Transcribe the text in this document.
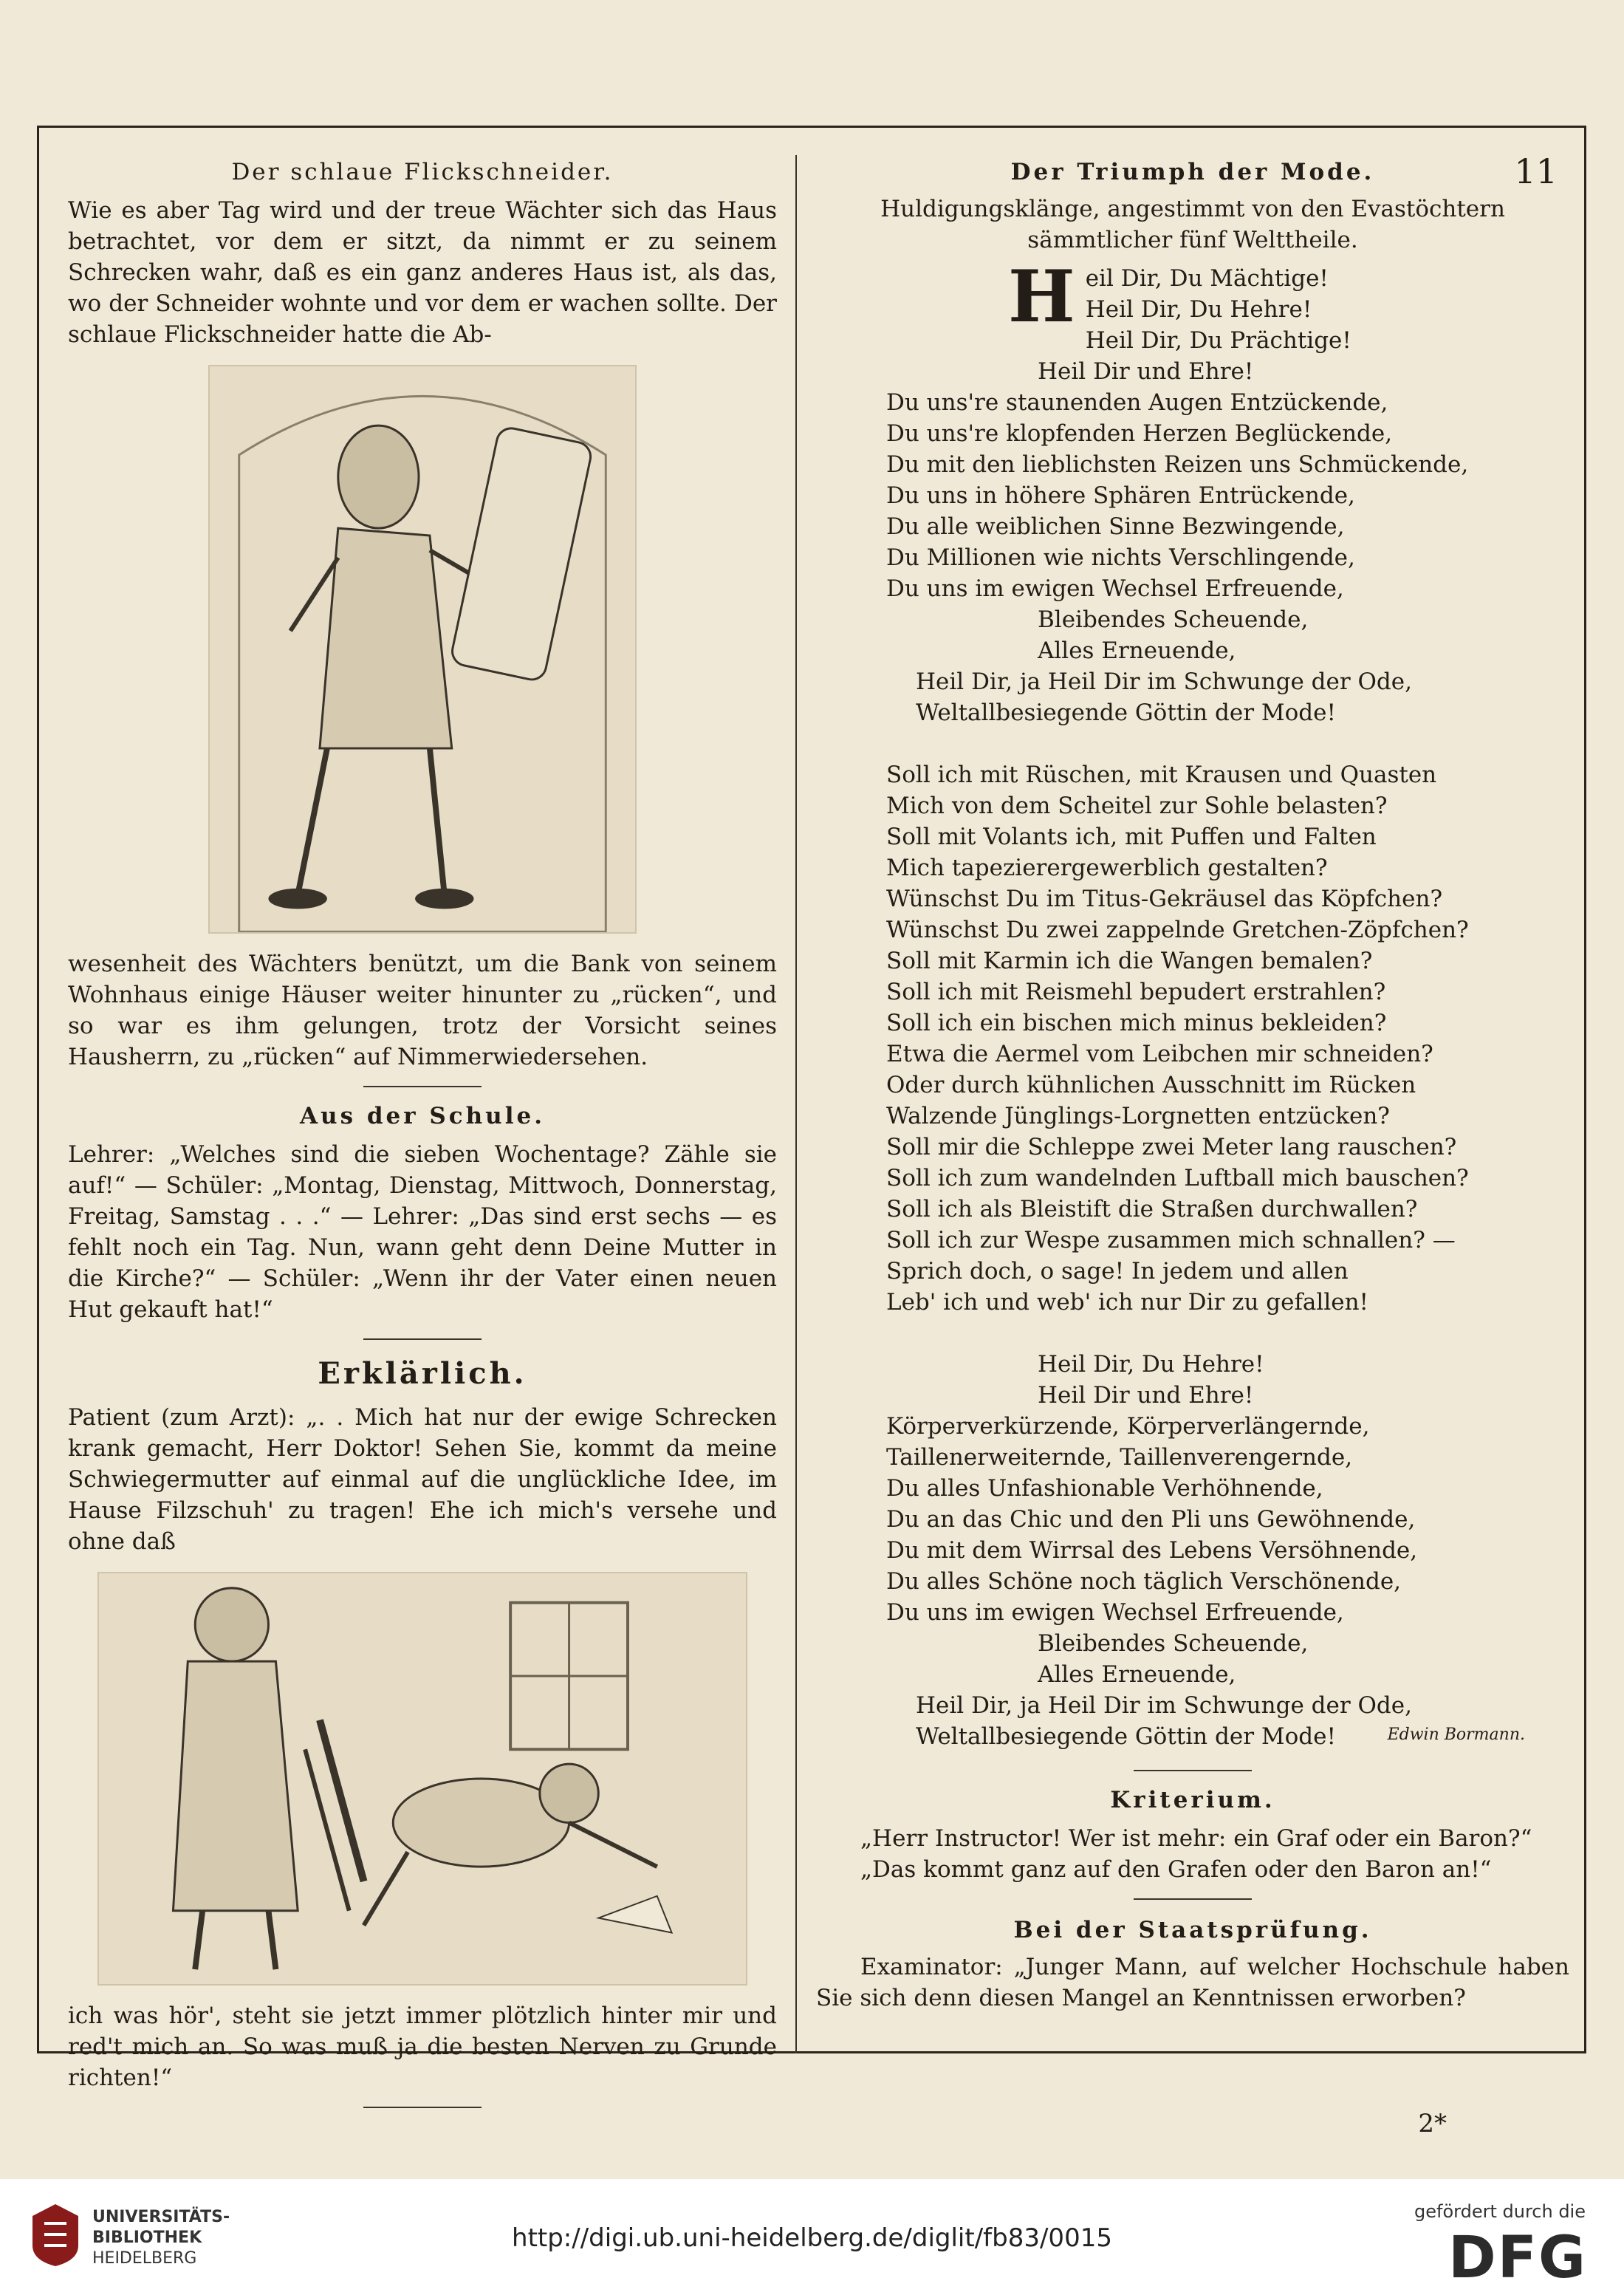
11

Der schlaue Flickschneider.

Wie es aber Tag wird und der treue Wächter sich das Haus betrachtet, vor dem er sitzt, da nimmt er zu seinem Schrecken wahr, daß es ein ganz anderes Haus ist, als das, wo der Schneider wohnte und vor dem er wachen sollte. Der schlaue Flickschneider hatte die Ab-

wesenheit des Wächters benützt, um die Bank von seinem Wohnhaus einige Häuser weiter hinunter zu „rücken“, und so war es ihm gelungen, trotz der Vorsicht seines Hausherrn, zu „rücken“ auf Nimmerwiedersehen.

Aus der Schule.

Lehrer: „Welches sind die sieben Wochentage? Zähle sie auf!“ — Schüler: „Montag, Dienstag, Mittwoch, Donnerstag, Freitag, Samstag . . .“ — Lehrer: „Das sind erst sechs — es fehlt noch ein Tag. Nun, wann geht denn Deine Mutter in die Kirche?“ — Schüler: „Wenn ihr der Vater einen neuen Hut gekauft hat!“

Erklärlich.

Patient (zum Arzt): „. . Mich hat nur der ewige Schrecken krank gemacht, Herr Doktor! Sehen Sie, kommt da meine Schwiegermutter auf einmal auf die unglückliche Idee, im Hause Filzschuh' zu tragen! Ehe ich mich's versehe und ohne daß

ich was hör', steht sie jetzt immer plötzlich hinter mir und red't mich an. So was muß ja die besten Nerven zu Grunde richten!“

Der Triumph der Mode.

Huldigungsklänge, angestimmt von den Evastöchtern sämmtlicher fünf Welttheile.

H eil Dir, Du Mächtige!

Heil Dir, Du Hehre!

Heil Dir, Du Prächtige!

Heil Dir und Ehre!

Du uns're staunenden Augen Entzückende,

Du uns're klopfenden Herzen Beglückende,

Du mit den lieblichsten Reizen uns Schmückende,

Du uns in höhere Sphären Entrückende,

Du alle weiblichen Sinne Bezwingende,

Du Millionen wie nichts Verschlingende,

Du uns im ewigen Wechsel Erfreuende,

Bleibendes Scheuende,

Alles Erneuende,

Heil Dir, ja Heil Dir im Schwunge der Ode,

Weltallbesiegende Göttin der Mode!

Soll ich mit Rüschen, mit Krausen und Quasten

Mich von dem Scheitel zur Sohle belasten?

Soll mit Volants ich, mit Puffen und Falten

Mich tapezierergewerblich gestalten?

Wünschst Du im Titus-Gekräusel das Köpfchen?

Wünschst Du zwei zappelnde Gretchen-Zöpfchen?

Soll mit Karmin ich die Wangen bemalen?

Soll ich mit Reismehl bepudert erstrahlen?

Soll ich ein bischen mich minus bekleiden?

Etwa die Aermel vom Leibchen mir schneiden?

Oder durch kühnlichen Ausschnitt im Rücken

Walzende Jünglings-Lorgnetten entzücken?

Soll mir die Schleppe zwei Meter lang rauschen?

Soll ich zum wandelnden Luftball mich bauschen?

Soll ich als Bleistift die Straßen durchwallen?

Soll ich zur Wespe zusammen mich schnallen? —

Sprich doch, o sage! In jedem und allen

Leb' ich und web' ich nur Dir zu gefallen!

Heil Dir, Du Hehre!

Heil Dir und Ehre!

Körperverkürzende, Körperverlängernde,

Taillenerweiternde, Taillenverengernde,

Du alles Unfashionable Verhöhnende,

Du an das Chic und den Pli uns Gewöhnende,

Du mit dem Wirrsal des Lebens Versöhnende,

Du alles Schöne noch täglich Verschönende,

Du uns im ewigen Wechsel Erfreuende,

Bleibendes Scheuende,

Alles Erneuende,

Heil Dir, ja Heil Dir im Schwunge der Ode,

Weltallbesiegende Göttin der Mode!	Edwin Bormann.

Kriterium.

„Herr Instructor! Wer ist mehr: ein Graf oder ein Baron?“

„Das kommt ganz auf den Grafen oder den Baron an!“

Bei der Staatsprüfung.

Examinator: „Junger Mann, auf welcher Hochschule haben Sie sich denn diesen Mangel an Kenntnissen erworben?

2*
UNIVERSITÄTS-
BIBLIOTHEK
HEIDELBERG
http://digi.ub.uni-heidelberg.de/diglit/fb83/0015
gefördert durch die
DFG
